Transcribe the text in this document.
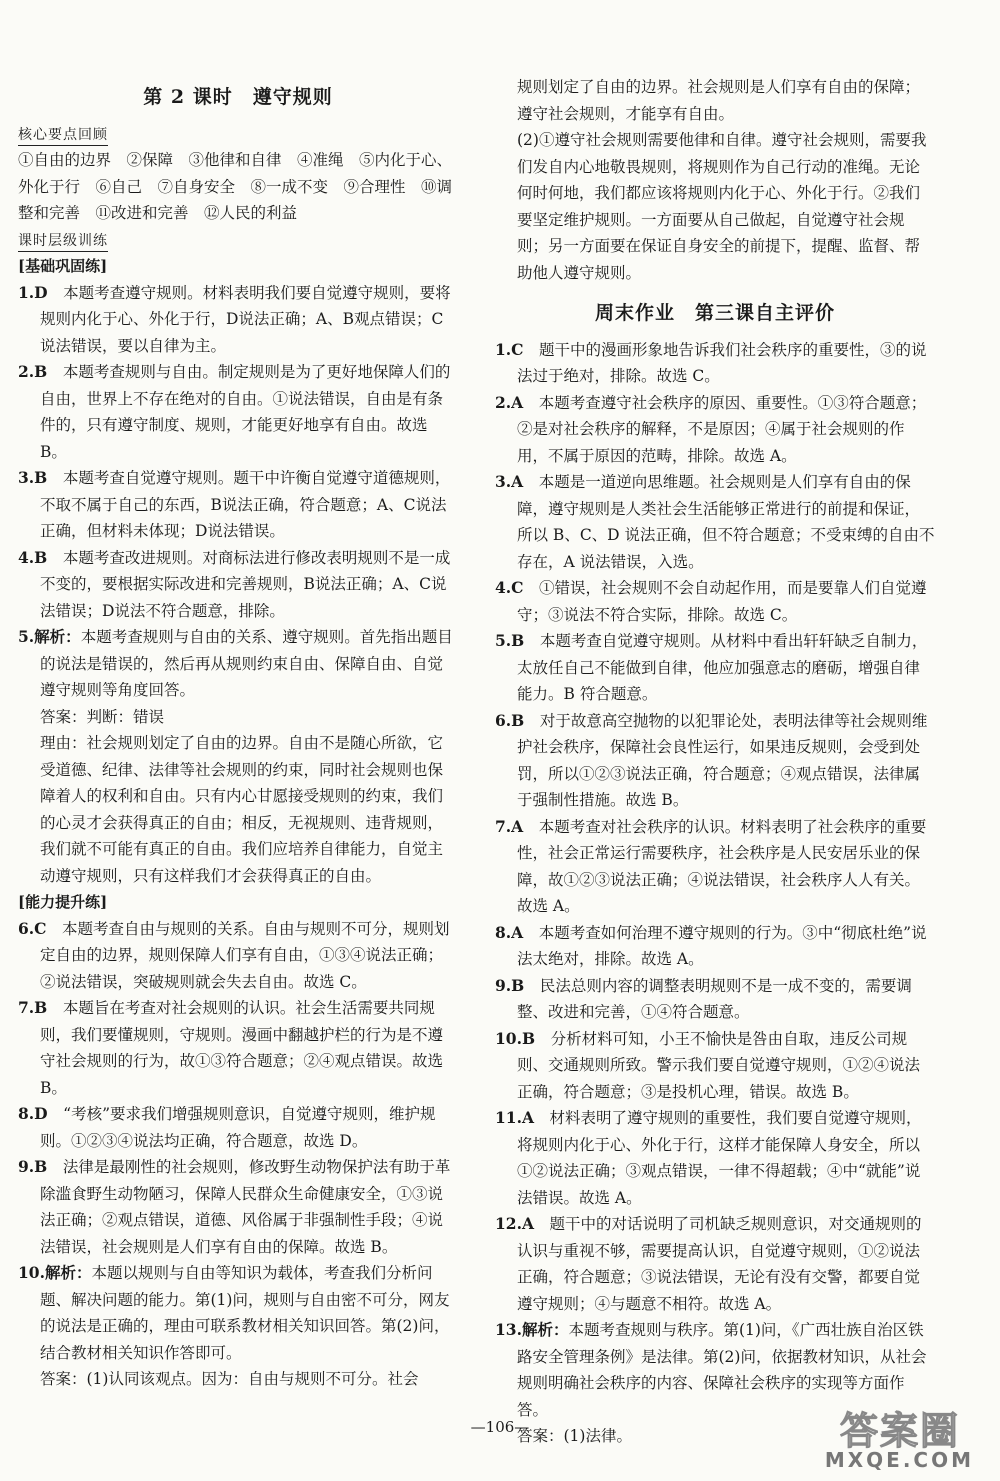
第 2 课时　遵守规则
核心要点回顾
①自由的边界　②保障　③他律和自律　④准绳　⑤内化于心、外化于行　⑥自己　⑦自身安全　⑧一成不变　⑨合理性　⑩调整和完善　⑪改进和完善　⑫人民的利益
课时层级训练
[基础巩固练]
1.D　 本题考查遵守规则。材料表明我们要自觉遵守规则，要将规则内化于心、外化于行，D说法正确；A、B观点错误；C说法错误，要以自律为主。
2.B　 本题考查规则与自由。制定规则是为了更好地保障人们的自由，世界上不存在绝对的自由。①说法错误，自由是有条件的，只有遵守制度、规则，才能更好地享有自由。故选 B。
3.B　 本题考查自觉遵守规则。题干中许衡自觉遵守道德规则，不取不属于自己的东西，B说法正确，符合题意；A、C说法正确，但材料未体现；D说法错误。
4.B　 本题考查改进规则。对商标法进行修改表明规则不是一成不变的，要根据实际改进和完善规则，B说法正确；A、C说法错误；D说法不符合题意，排除。
5.解析：本题考查规则与自由的关系、遵守规则。首先指出题目的说法是错误的，然后再从规则约束自由、保障自由、自觉遵守规则等角度回答。
答案：判断：错误
理由：社会规则划定了自由的边界。自由不是随心所欲，它受道德、纪律、法律等社会规则的约束，同时社会规则也保障着人的权利和自由。只有内心甘愿接受规则的约束，我们的心灵才会获得真正的自由；相反，无视规则、违背规则，我们就不可能有真正的自由。我们应培养自律能力，自觉主动遵守规则，只有这样我们才会获得真正的自由。
[能力提升练]
6.C　 本题考查自由与规则的关系。自由与规则不可分，规则划定自由的边界，规则保障人们享有自由，①③④说法正确；②说法错误，突破规则就会失去自由。故选 C。
7.B　 本题旨在考查对社会规则的认识。社会生活需要共同规则，我们要懂规则，守规则。漫画中翻越护栏的行为是不遵守社会规则的行为，故①③符合题意；②④观点错误。故选 B。
8.D　 “考核”要求我们增强规则意识，自觉遵守规则，维护规则。①②③④说法均正确，符合题意，故选 D。
9.B　 法律是最刚性的社会规则，修改野生动物保护法有助于革除滥食野生动物陋习，保障人民群众生命健康安全，①③说法正确；②观点错误，道德、风俗属于非强制性手段；④说法错误，社会规则是人们享有自由的保障。故选 B。
10.解析：本题以规则与自由等知识为载体，考查我们分析问题、解决问题的能力。第(1)问，规则与自由密不可分，网友的说法是正确的，理由可联系教材相关知识回答。第(2)问，结合教材相关知识作答即可。
答案：(1)认同该观点。因为：自由与规则不可分。社会
规则划定了自由的边界。社会规则是人们享有自由的保障；遵守社会规则，才能享有自由。
(2)①遵守社会规则需要他律和自律。遵守社会规则，需要我们发自内心地敬畏规则，将规则作为自己行动的准绳。无论何时何地，我们都应该将规则内化于心、外化于行。②我们要坚定维护规则。一方面要从自己做起，自觉遵守社会规则；另一方面要在保证自身安全的前提下，提醒、监督、帮助他人遵守规则。
周末作业　第三课自主评价
1.C　 题干中的漫画形象地告诉我们社会秩序的重要性，③的说法过于绝对，排除。故选 C。
2.A　 本题考查遵守社会秩序的原因、重要性。①③符合题意；②是对社会秩序的解释，不是原因；④属于社会规则的作用，不属于原因的范畴，排除。故选 A。
3.A　 本题是一道逆向思维题。社会规则是人们享有自由的保障，遵守规则是人类社会生活能够正常进行的前提和保证，所以 B、C、D 说法正确，但不符合题意；不受束缚的自由不存在，A 说法错误，入选。
4.C　 ①错误，社会规则不会自动起作用，而是要靠人们自觉遵守；③说法不符合实际，排除。故选 C。
5.B　 本题考查自觉遵守规则。从材料中看出轩轩缺乏自制力，太放任自己不能做到自律，他应加强意志的磨砺，增强自律能力。B 符合题意。
6.B　 对于故意高空抛物的以犯罪论处，表明法律等社会规则维护社会秩序，保障社会良性运行，如果违反规则，会受到处罚，所以①②③说法正确，符合题意；④观点错误，法律属于强制性措施。故选 B。
7.A　 本题考查对社会秩序的认识。材料表明了社会秩序的重要性，社会正常运行需要秩序，社会秩序是人民安居乐业的保障，故①②③说法正确；④说法错误，社会秩序人人有关。故选 A。
8.A　 本题考查如何治理不遵守规则的行为。③中“彻底杜绝”说法太绝对，排除。故选 A。
9.B　 民法总则内容的调整表明规则不是一成不变的，需要调整、改进和完善，①④符合题意。
10.B　 分析材料可知，小王不愉快是咎由自取，违反公司规则、交通规则所致。警示我们要自觉遵守规则，①②④说法正确，符合题意；③是投机心理，错误。故选 B。
11.A　 材料表明了遵守规则的重要性，我们要自觉遵守规则，将规则内化于心、外化于行，这样才能保障人身安全，所以①②说法正确；③观点错误，一律不得超载；④中“就能”说法错误。故选 A。
12.A　 题干中的对话说明了司机缺乏规则意识，对交通规则的认识与重视不够，需要提高认识，自觉遵守规则，①②说法正确，符合题意；③说法错误，无论有没有交警，都要自觉遵守规则；④与题意不相符。故选 A。
13.解析：本题考查规则与秩序。第(1)问，《广西壮族自治区铁路安全管理条例》是法律。第(2)问，依据教材知识，从社会规则明确社会秩序的内容、保障社会秩序的实现等方面作答。
答案：(1)法律。
—106—	答案圈
MXQE.COM
